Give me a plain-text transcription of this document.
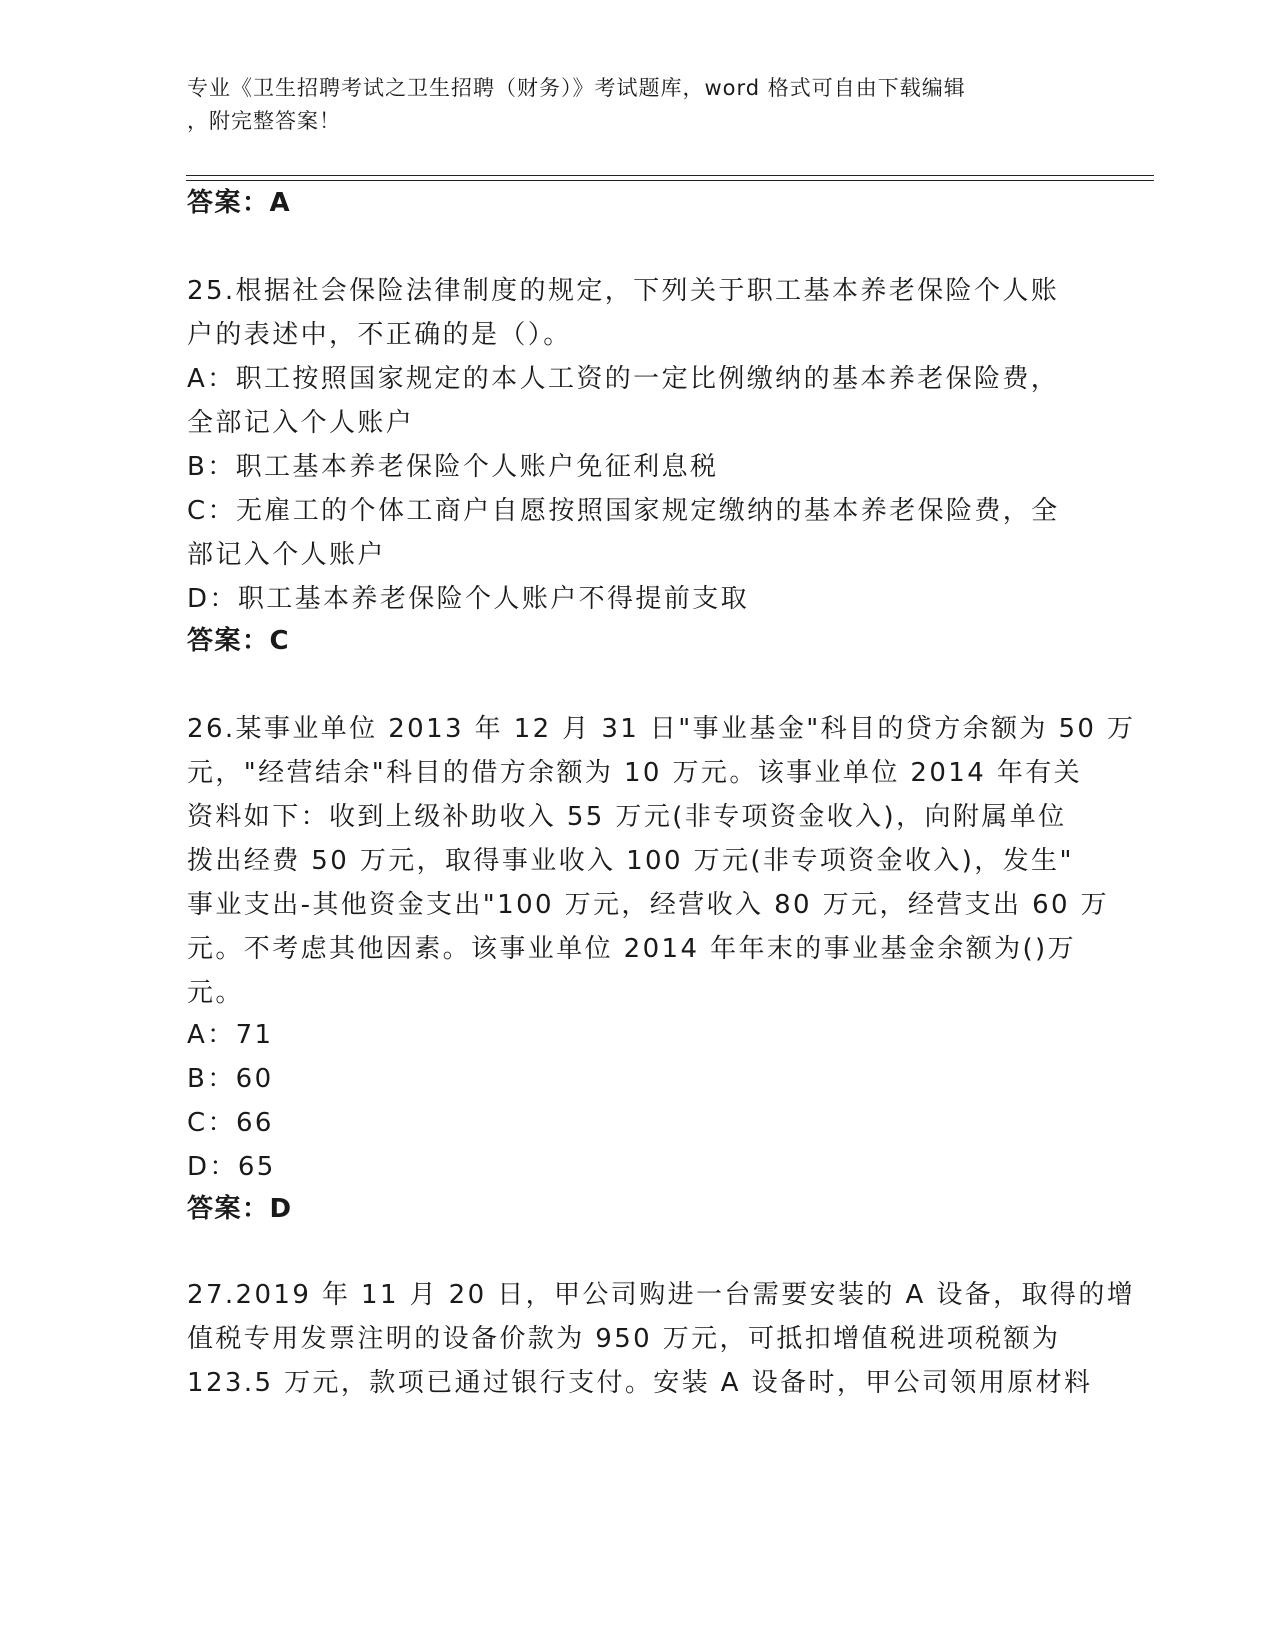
专业《卫生招聘考试之卫生招聘（财务）》考试题库，word 格式可自由下载编辑
，附完整答案！
答案：A
25.根据社会保险法律制度的规定，下列关于职工基本养老保险个人账
户的表述中，不正确的是（）。
A：职工按照国家规定的本人工资的一定比例缴纳的基本养老保险费，
全部记入个人账户
B：职工基本养老保险个人账户免征利息税
C：无雇工的个体工商户自愿按照国家规定缴纳的基本养老保险费，全
部记入个人账户
D：职工基本养老保险个人账户不得提前支取
答案：C
26.某事业单位 2013 年 12 月 31 日"事业基金"科目的贷方余额为 50 万
元，"经营结余"科目的借方余额为 10 万元。该事业单位 2014 年有关
资料如下：收到上级补助收入 55 万元(非专项资金收入)，向附属单位
拨出经费 50 万元，取得事业收入 100 万元(非专项资金收入)，发生"
事业支出-其他资金支出"100 万元，经营收入 80 万元，经营支出 60 万
元。不考虑其他因素。该事业单位 2014 年年末的事业基金余额为()万
元。
A：71
B：60
C：66
D：65
答案：D
27.2019 年 11 月 20 日，甲公司购进一台需要安装的 A 设备，取得的增
值税专用发票注明的设备价款为 950 万元，可抵扣增值税进项税额为
123.5 万元，款项已通过银行支付。安装 A 设备时，甲公司领用原材料
